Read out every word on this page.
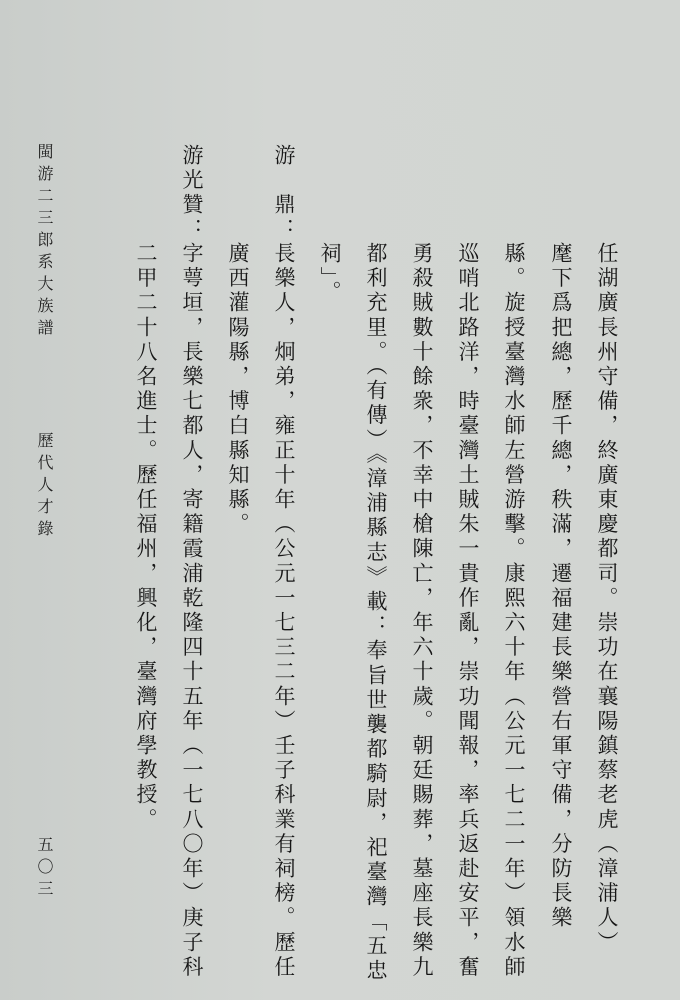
任湖廣長州守備，終廣東慶都司。崇功在襄陽鎮蔡老虎（漳浦人）
麾下爲把總，歷千總，秩滿，遷福建長樂營右軍守備，分防長樂
縣。旋授臺灣水師左營游擊。康熙六十年（公元一七二一年）領水師
巡哨北路洋，時臺灣土賊朱一貴作亂，崇功聞報，率兵返赴安平，奮
勇殺賊數十餘衆，不幸中槍陳亡，年六十歲。朝廷賜葬，墓座長樂九
都利充里。（有傳）《漳浦縣志》載：奉旨世襲都騎尉，祀臺灣「五忠
祠」。
游　鼎：
長樂人，炯弟，雍正十年（公元一七三二年）壬子科業有祠榜。歷任
廣西灌陽縣，博白縣知縣。
游光贊：
字萼垣，長樂七都人，寄籍霞浦乾隆四十五年（一七八〇年）庚子科
二甲二十八名進士。歷任福州，興化，臺灣府學教授。
閩游二三郎系大族譜
歷代人才錄
五〇三
